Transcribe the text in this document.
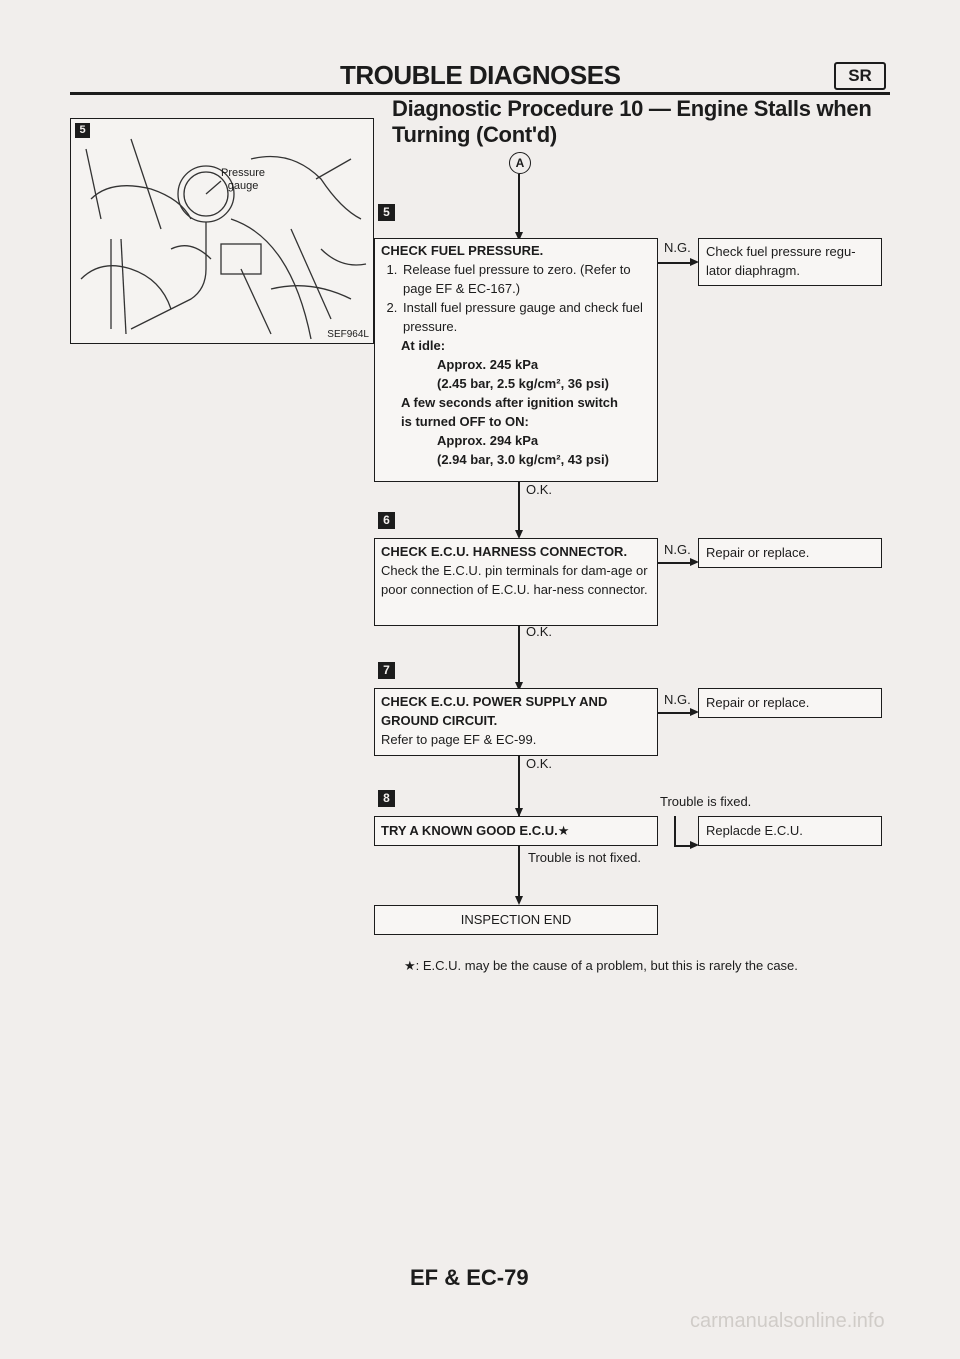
TROUBLE DIAGNOSES	SR
Diagnostic Procedure 10 — Engine Stalls when Turning (Cont'd)
5
Pressure
gauge
SEF964L
A
5
CHECK FUEL PRESSURE.
1. Release fuel pressure to zero. (Refer to page EF & EC-167.)
2. Install fuel pressure gauge and check fuel pressure.
At idle:
Approx. 245 kPa
(2.45 bar, 2.5 kg/cm², 36 psi)
A few seconds after ignition switch
is turned OFF to ON:
Approx. 294 kPa
(2.94 bar, 3.0 kg/cm², 43 psi)
N.G.	Check fuel pressure regu-lator diaphragm.
O.K.
6
CHECK E.C.U. HARNESS CONNECTOR.
Check the E.C.U. pin terminals for dam-age or poor connection of E.C.U. har-ness connector.
N.G.	Repair or replace.
O.K.
7
CHECK E.C.U. POWER SUPPLY AND GROUND CIRCUIT.
Refer to page EF & EC-99.
N.G.	Repair or replace.
O.K.
8
TRY A KNOWN GOOD E.C.U.★
Trouble is fixed.
Replacde E.C.U.
Trouble is not fixed.
INSPECTION END
★: E.C.U. may be the cause of a problem, but this is rarely the case.
EF & EC-79
carmanualsonline.info
